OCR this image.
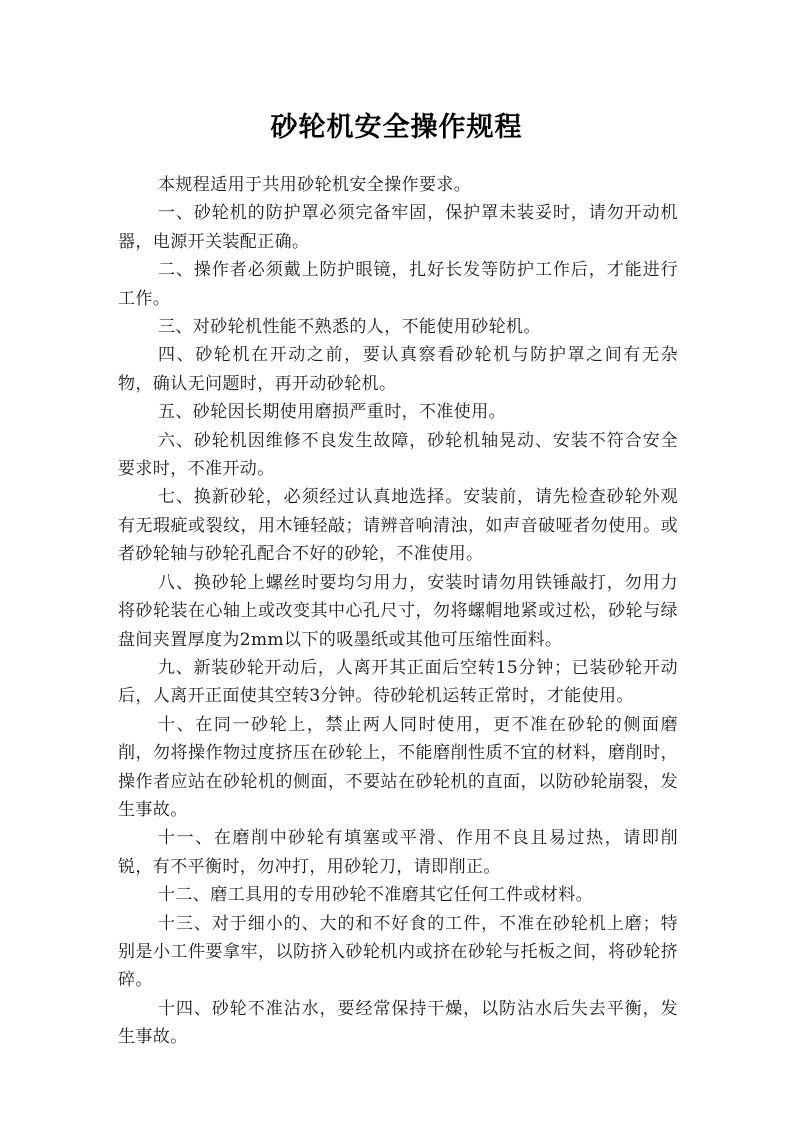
砂轮机安全操作规程

本规程适用于共用砂轮机安全操作要求。

一、砂轮机的防护罩必须完备牢固，保护罩未装妥时，请勿开动机器，电源开关装配正确。

二、操作者必须戴上防护眼镜，扎好长发等防护工作后，才能进行工作。

三、对砂轮机性能不熟悉的人，不能使用砂轮机。

四、砂轮机在开动之前，要认真察看砂轮机与防护罩之间有无杂物，确认无问题时，再开动砂轮机。

五、砂轮因长期使用磨损严重时，不准使用。

六、砂轮机因维修不良发生故障，砂轮机轴晃动、安装不符合安全要求时，不准开动。

七、换新砂轮，必须经过认真地选择。安装前，请先检查砂轮外观有无瑕疵或裂纹，用木锤轻敲；请辨音响清浊，如声音破哑者勿使用。或者砂轮轴与砂轮孔配合不好的砂轮，不准使用。

八、换砂轮上螺丝时要均匀用力，安装时请勿用铁锤敲打，勿用力将砂轮装在心轴上或改变其中心孔尺寸，勿将螺帽地紧或过松，砂轮与绿盘间夹置厚度为2mm以下的吸墨纸或其他可压缩性面料。

九、新装砂轮开动后，人离开其正面后空转15分钟；已装砂轮开动后，人离开正面使其空转3分钟。待砂轮机运转正常时，才能使用。

十、在同一砂轮上，禁止两人同时使用，更不准在砂轮的侧面磨削，勿将操作物过度挤压在砂轮上，不能磨削性质不宜的材料，磨削时，操作者应站在砂轮机的侧面，不要站在砂轮机的直面，以防砂轮崩裂，发生事故。

十一、在磨削中砂轮有填塞或平滑、作用不良且易过热，请即削锐，有不平衡时，勿冲打，用砂轮刀，请即削正。

十二、磨工具用的专用砂轮不准磨其它任何工件或材料。

十三、对于细小的、大的和不好食的工件，不准在砂轮机上磨；特别是小工件要拿牢，以防挤入砂轮机内或挤在砂轮与托板之间，将砂轮挤碎。

十四、砂轮不准沾水，要经常保持干燥，以防沾水后失去平衡，发生事故。
